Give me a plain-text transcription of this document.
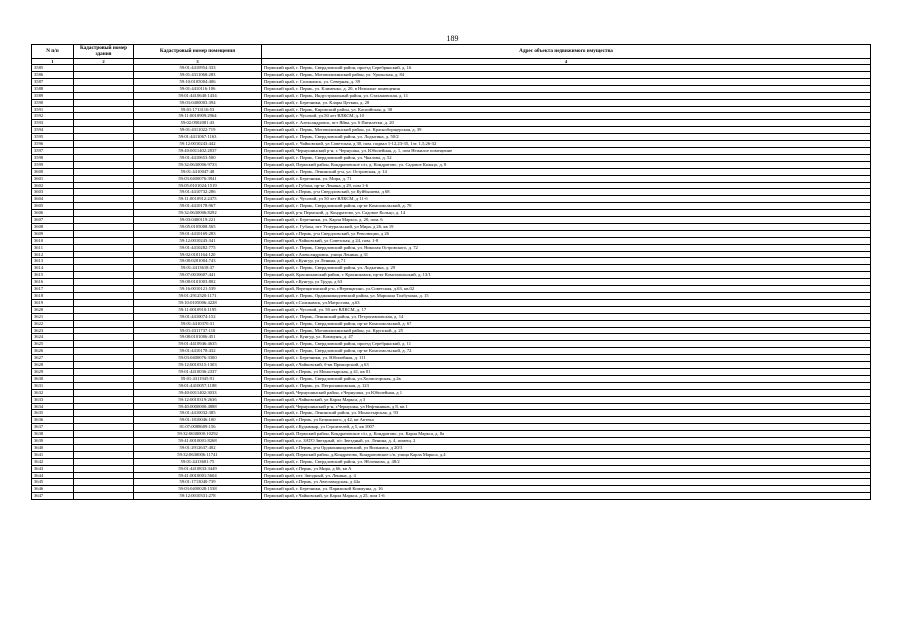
189
N п/п	Кадастровый номер здания	Кадастровый номер помещения	Адрес объекта недвижимого имущества
1	2	3	4
3585		59:01:4410954:333	Пермский край, г. Пермь, Свердловский район, проезд Серебрянский, д. 16
3586		59:01:4311068:283	Пермский край, г. Пермь, Мотовилихинский район, ул. Уральская, д. 84
3587		59:10:0105004:406	Пермский край, г. Соликамск, ул. Северная, д. 39
3588		59:01:4410116:106	Пермский край, г. Пермь, ул. Клименко, д. 20, в Нежилые помещения
3589		59:01:4410640:1434	Пермский край, г. Пермь, Индустриальный район, ул. Стахановская, д. 11
3590		59:03:0400003:394	Пермский край, г. Березники, ул. Клары Цеткин, д. 28
3591		59:01:1713116:53	Пермский край, г. Пермь, Кировский район, ул. Каспийская, д. 30
3592		59:11:0010909:2964	Пермский край, г. Чусовой, ул.50 лет ВЛКСМ, д.10
3593		59:02:0902081:43	Пермский край, г. Александровск, пгт Яйва, ул. 6 Пятилетки, д. 20
3594		59:01:4311022:719	Пермский край, г. Пермь, Мотовилихинский район, ул. Красноборщерская, д. 39
3595		59:01:4411067:1163	Пермский край, г. Пермь, Свердловский район, ул. Лодыгина, д. 50/2
3596		59:12:0010243:442	Пермский край, г. Чайковский, ул Советская, д 30, пом. подвал 1-12,23-35, 1эт. 1,5,26-32
3597		59:40:0011402:2837	Пермский край, Чернушинский р-н, г. Чернушка, ул. Юбилейная, д. 1, пом Нежилое помещение
3598		59:01:4410653:500	Пермский край, г. Пермь, Свердловский район, ул. Чкалова, д. 52
3599		59:32:0630006:9733	Пермский край, Пермский район, Кондратовское с/п, д. Кондратово, ул. Садовое Кольцо, д. 8
3600		59:01:4410047:48	Пермский край, г. Пермь, Ленинский р-н, ул. Островская, д. 14
3601		59:03:0400076:3941	Пермский край, г. Березники, ул. Мира, д. 71
3602		59:05:0101024:1519	Пермский край, г.Губаха, пр-кт Ленина, д 29, пом 1-6
3603		59:01:4410732:286	Пермский край, г.Пермь, р-н Свердловский, ул Куйбышева, д 68
3604		59:11:0010912:2475	Пермский край, г. Чусовой, ул 50 лет ВЛКСМ, д 11-б
3605		59:01:4410178:967	Пермский край, г. Пермь, Свердловский район, пр-кт Комсомольский, д. 70
3606		59:32:0630006:8292	Пермский край, р-н Пермский, д. Кондратово, ул. Садовое Кольцо, д. 14
3607		59:03:0400119:221	Пермский край, г. Березники, ул. Карла Маркса, д. 20, пом. 6
3608		59:05:0105008:565	Пермский край, г. Губаха, пгт Углеуральский, ул Мира, д 26, кв 19
3609		59:01:4410169:283	Пермский край, г.Пермь, р-н Свердловский, ул Революции, д 26
3610		59:12:0010243:341	Пермский край, г.Чайковский, ул Советская, д 24, пом. 1-8
3611		59:01:4410282:775	Пермский край, г. Пермь, Свердловский район, ул. Николая Островского, д. 72
3612		59:02:0101164:120	Пермский край, г.Александровск, улица Ленина, д 31
3613		59:08:0201004:743	Пермский край, г.Кунгур, ул Ленина, д 71
3614		59:01:4413618:37	Пермский край, г. Пермь, Свердловский район, ул. Лодыгина, д. 29
3615		59:07:0010607:441	Пермский край, Краснокамский район, г. Краснокамск, пр-кт Комсомольский, д. 13/1
3616		59:08:0101003:802	Пермский край, г.Кунгур, ул Труда, д 63
3617		59:16:0010121:539	Пермский край, Верещагинский р-н, г.Верещагино, ул.Советская, д.63, кв.02
3618		59:01:2912520:1171	Пермский край, г. Пермь, Орджоникидзевский район, ул. Маршала Толбухина, д. 15
3619		59:10:0105006:4228	Пермский край, г.Соликамск, ул.Матросова, д.63
3620		59:11:0010910:1195	Пермский край, г. Чусовой, ул. 50 лет ВЛКСМ, д. 17
3621		59:01:4410074:152	Пермский край, г. Пермь, Ленинский район, ул. Петропавловская, д. 14
3622		59:01:4410370:31	Пермский край, г. Пермь, Свердловский район, пр-кт Комсомольский, д. 67
3623		59:01:4311737:110	Пермский край, г. Пермь, Мотовилихинский район, ул. Крупской, д. 25
3624		59:08:0101006:451	Пермский край, г. Кунгур, ул. Коммуны, д. 47
3625		59:01:4410946:4635	Пермский край, г. Пермь, Свердловский район, проезд Серебрянский, д. 11
3626		59:01:4410178:432	Пермский край, г. Пермь, Свердловский район, пр-кт Комсомольский, д. 72
3627		59:03:0400076:3300	Пермский край, г. Березники, ул. Юбилейная, д. 111
3628		59:12:0010315:1303	Пермский край, г.Чайковский, б-кв Приморский, д 63
3629		59:01:4410036:2337	Пермский край, г.Пермь, ул Монастырская, д 41, кв 01
3630		59:01:4311945:91	Пермский край, г. Пермь, Свердловский район, ул.Холмогорская, д.2в
3631		59:01:4410057:1188	Пермский край, г. Пермь, ул. Петропавловская, д. 123
3632		59:40:0011402:3033	Пермский край, Чернушинский район, г.Чернушка, ул Юбилейная, д 1
3633		59:12:0010319:2636	Пермский край, г.Чайковский, ул Карла Маркса, д 3
3634		59:40:0000000:4888	Пермский край, Чернушинский р-н, г.Чернушка, ул Нефтяников, д 8, кв 1
3635		59:01:4410032:385	Пермский край, г. Пермь, Ленинский район, ул. Монастырская, д. 93
3636		59:01:1810046:100	Пермский край, г.Пермь, ул Белинского, д 42, кв Аптека
3637		81:07:0088609:156	Пермский край, г.Кудымкар, ул Строителей, д 5, кв 1007
3638		59:32:0630000:10292	Пермский край, Пермский район, Кондратовское с/п, д. Кондратово, ул. Карла Маркса, д. 8а
3639		59:41:0010001:8268	Пермский край, г.о. ЗАТО Звездный, п/г. Звездный, ул. Ленина, д. 4, помещ. 2
3640		59:01:2912637:402	Пермский край, г.Пермь, р-н Орджоникидзевский, ул Вильямса, д 20/3
3641		59:32:0630006:11741	Пермский край, Пермский район, д.Кондратово, Кондратовское с/п, улица Карла Маркса, д.4
3642		59:01:4413601:75	Пермский край, г. Пермь, Свердловский район, ул. Яблочкова, д. 48/2
3643		59:01:4410833:3449	Пермский край, г.Пермь, ул Мира, д 66, кв А
3644		59:41:0010001:5604	Пермский край, пгт. Звездный, ул. Ленина, д. 4
3645		59:01:1713040:739	Пермский край, г.Пермь, ул Автозаводская, д 44а
3646		59:03:0400028:1538	Пермский край, г. Березники, ул. Парижской Коммуны, д. 16
3647		59:12:0010331:278	Пермский край, г.Чайковский, ул Карла Маркса, д 25, пом 1-6
